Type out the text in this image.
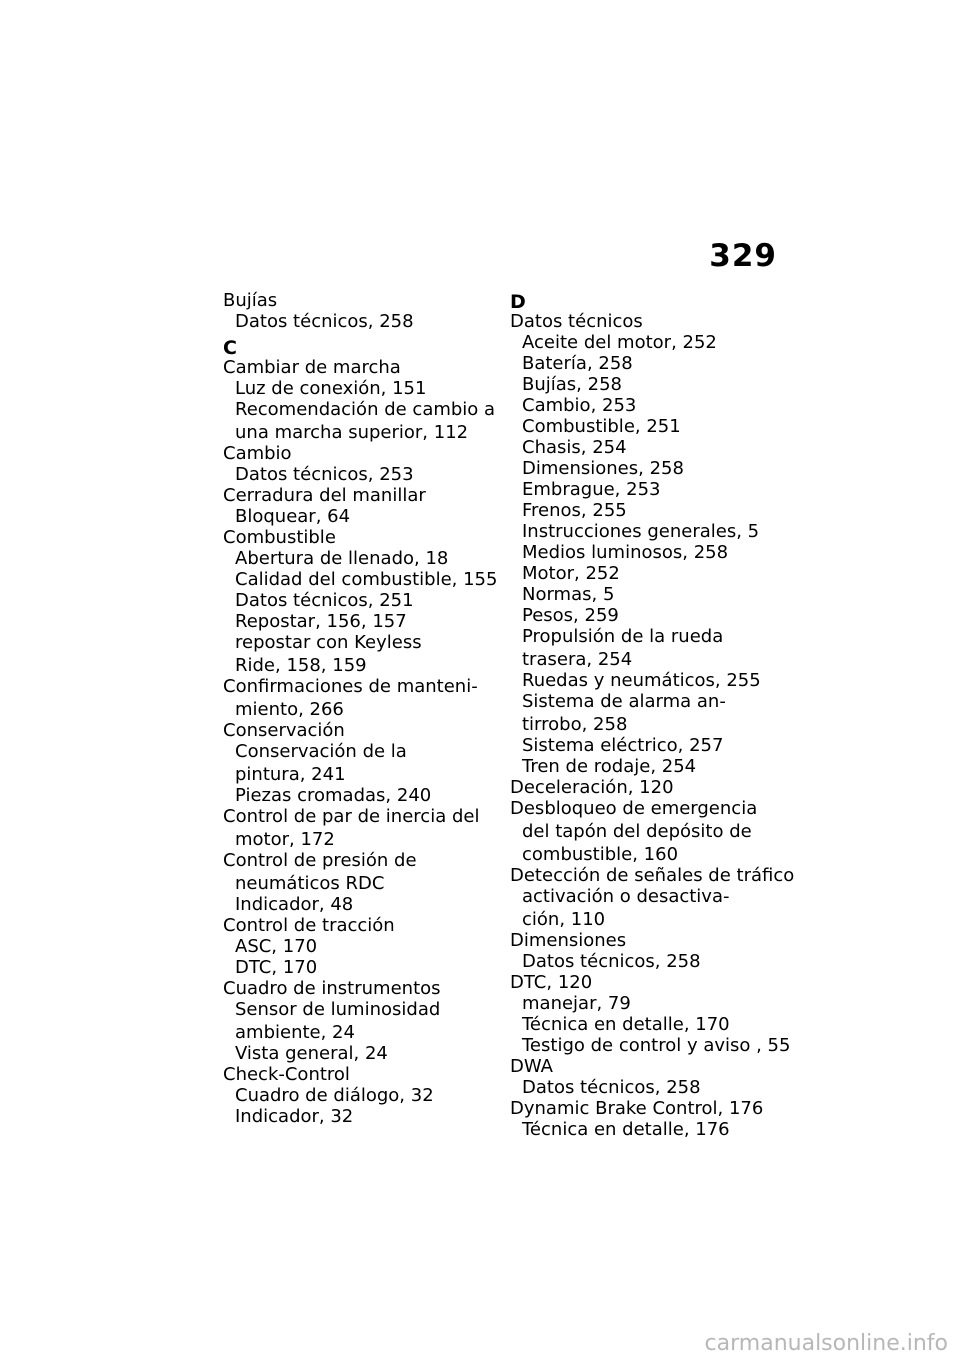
329
Bujías
Datos técnicos, 258
C
Cambiar de marcha
Luz de conexión, 151
Recomendación de cambio a
una marcha superior, 112
Cambio
Datos técnicos, 253
Cerradura del manillar
Bloquear, 64
Combustible
Abertura de llenado, 18
Calidad del combustible, 155
Datos técnicos, 251
Repostar, 156, 157
repostar con Keyless
Ride, 158, 159
Confirmaciones de manteni-
miento, 266
Conservación
Conservación de la
pintura, 241
Piezas cromadas, 240
Control de par de inercia del
motor, 172
Control de presión de
neumáticos RDC
Indicador, 48
Control de tracción
ASC, 170
DTC, 170
Cuadro de instrumentos
Sensor de luminosidad
ambiente, 24
Vista general, 24
Check-Control
Cuadro de diálogo, 32
Indicador, 32
D
Datos técnicos
Aceite del motor, 252
Batería, 258
Bujías, 258
Cambio, 253
Combustible, 251
Chasis, 254
Dimensiones, 258
Embrague, 253
Frenos, 255
Instrucciones generales, 5
Medios luminosos, 258
Motor, 252
Normas, 5
Pesos, 259
Propulsión de la rueda
trasera, 254
Ruedas y neumáticos, 255
Sistema de alarma an-
tirrobo, 258
Sistema eléctrico, 257
Tren de rodaje, 254
Deceleración, 120
Desbloqueo de emergencia
del tapón del depósito de
combustible, 160
Detección de señales de tráfico
activación o desactiva-
ción, 110
Dimensiones
Datos técnicos, 258
DTC, 120
manejar, 79
Técnica en detalle, 170
Testigo de control y aviso , 55
DWA
Datos técnicos, 258
Dynamic Brake Control, 176
Técnica en detalle, 176
carmanualsonline.info
